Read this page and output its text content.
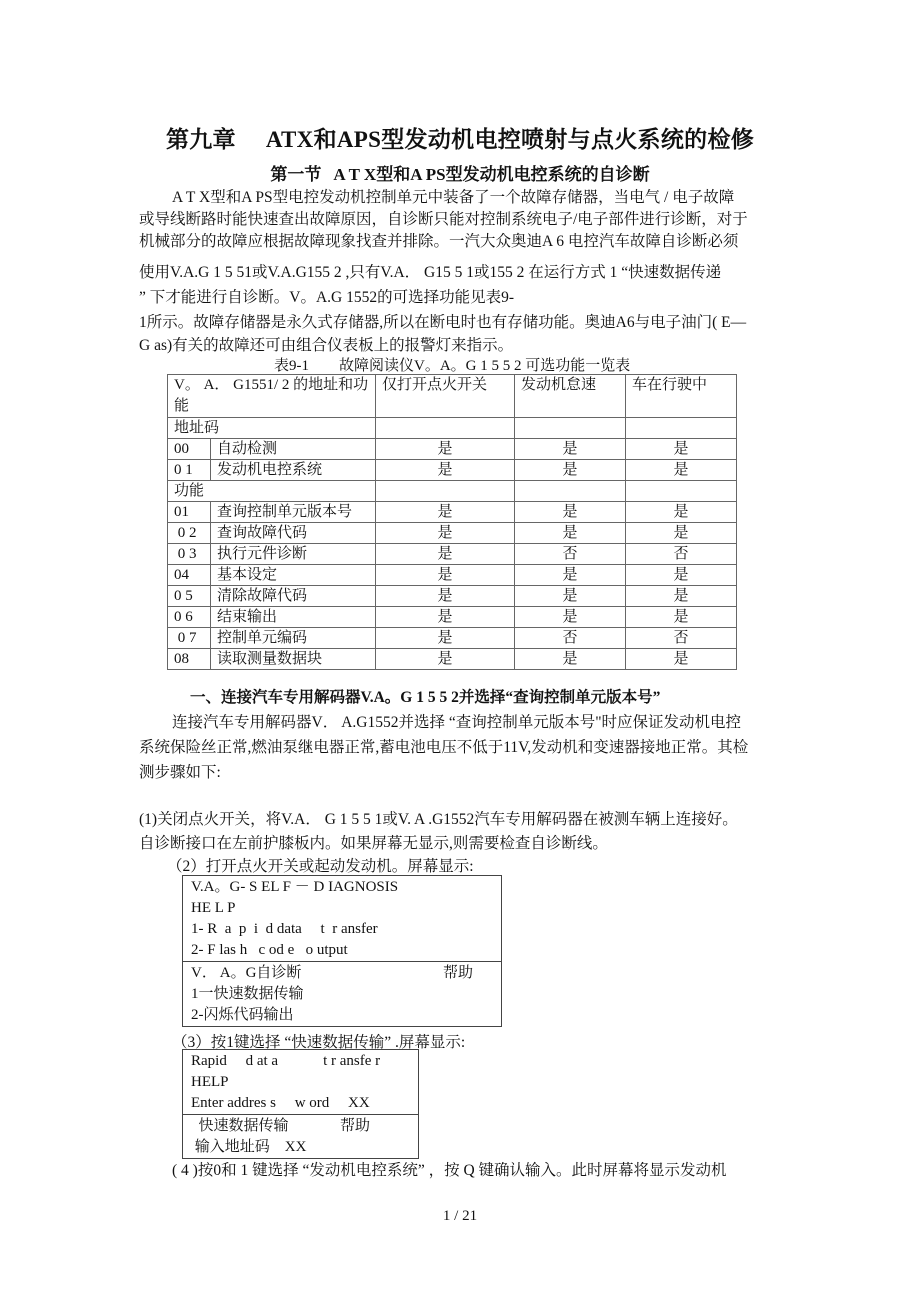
第九章 ATX和APS型发动机电控喷射与点火系统的检修
第一节 A T X型和A PS型发动机电控系统的自诊断
A T X型和A PS型电控发动机控制单元中装备了一个故障存储器，当电气 / 电子故障
或导线断路时能快速查出故障原因，自诊断只能对控制系统电子/电子部件进行诊断，对于
机械部分的故障应根据故障现象找查并排除。一汽大众奥迪A 6 电控汽车故障自诊断必须
使用V.A.G 1 5 51或V.A.G155 2 ,只有V.A． G15 5 1或155 2 在运行方式 1 “快速数据传递
” 下才能进行自诊断。V。A.G 1552的可选择功能见表9-
1所示。故障存储器是永久式存储器,所以在断电时也有存储功能。奥迪A6与电子油门( E—
G as)有关的故障还可由组合仪表板上的报警灯来指示。
表9-1 故障阅读仪V。A。G 1 5 5 2 可选功能一览表
V。 A． G1551/ 2 的地址和功能		仅打开点火开关	发动机怠速	车在行驶中
地址码				
00	自动检测	是	是	是
0 1	发动机电控系统	是	是	是
功能				
01	查询控制单元版本号	是	是	是
0 2	查询故障代码	是	是	是
0 3	执行元件诊断	是	否	否
04	基本设定	是	是	是
0 5	清除故障代码	是	是	是
0 6	结束输出	是	是	是
0 7	控制单元编码	是	否	否
08	读取测量数据块	是	是	是
一、连接汽车专用解码器V.A。G 1 5 5 2并选择“查询控制单元版本号”
连接汽车专用解码器V． A.G1552并选择 “查询控制单元版本号"时应保证发动机电控
系统保险丝正常,燃油泵继电器正常,蓄电池电压不低于11V,发动机和变速器接地正常。其检
测步骤如下:
(1)关闭点火开关，将V.A． G 1 5 5 1或V. A .G1552汽车专用解码器在被测车辆上连接好。
自诊断接口在左前护膝板内。如果屏幕无显示,则需要检查自诊断线。
（2）打开点火开关或起动发动机。屏幕显示:
V.A。G- S EL F － D IAGNOSIS
HE L P
1- R  a  p  i  d data     t  r ansfer
2- F las h   c od e   o utput
V． A。G自诊断	帮助
1一快速数据传输
2-闪烁代码输出
（3）按1键选择 “快速数据传输” .屏幕显示:
Rapid     d at a            t r ansfe r
HELP
Enter addres s     w ord     XX
快速数据传输	帮助
输入地址码    XX
( 4 )按0和 1 键选择 “发动机电控系统” ，按 Q 键确认输入。此时屏幕将显示发动机
1 / 21
